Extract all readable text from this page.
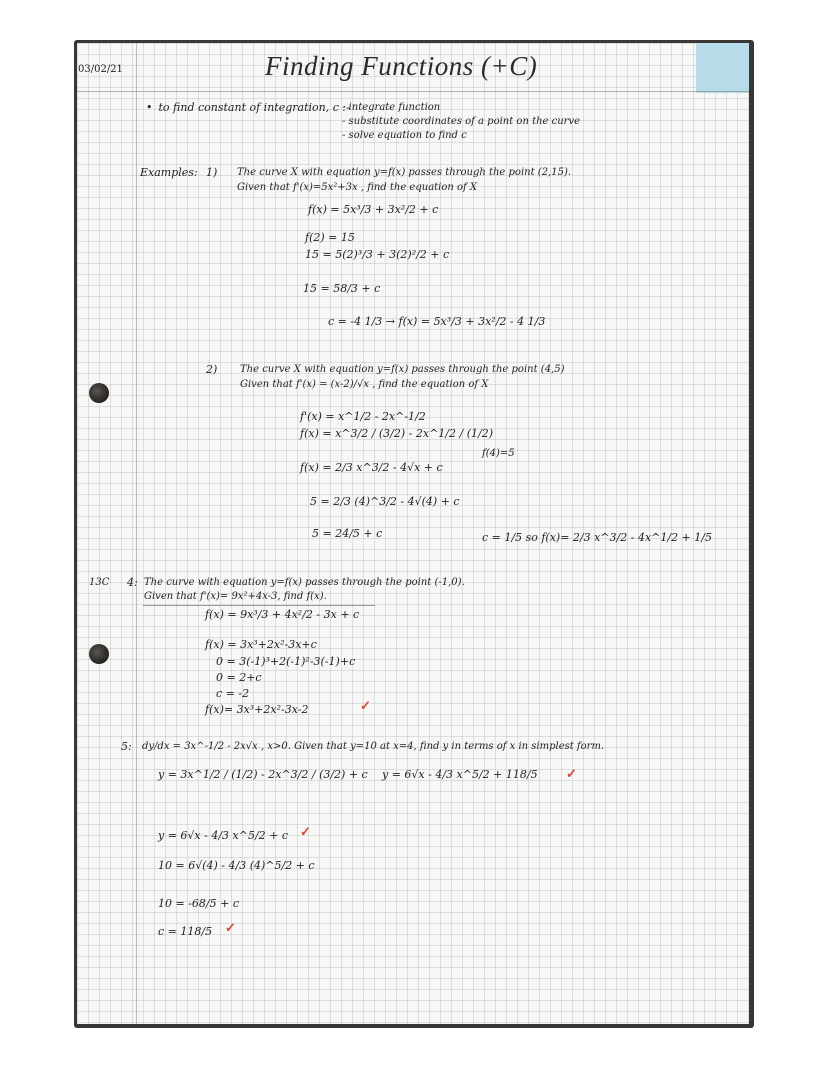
03/02/21	Finding Functions (+C)
• to find constant of integration, c :-
- integrate function
- substitute coordinates of a point on the curve
- solve equation to find c
Examples: 1) The curve X with equation y=f(x) passes through the point (2,15).
Given that f'(x)=5x²+3x , find the equation of X
f(x) = 5x³/3 + 3x²/2 + c
f(2) = 15
15 = 5(2)³/3 + 3(2)²/2 + c
15 = 58/3 + c
c = -4 1/3 → f(x) = 5x³/3 + 3x²/2 - 4 1/3
2) The curve X with equation y=f(x) passes through the point (4,5)
Given that f'(x) = (x-2)/√x , find the equation of X
f'(x) = x^1/2 - 2x^-1/2
f(x) = x^3/2 / (3/2) - 2x^1/2 / (1/2)
f(4)=5
f(x) = 2/3 x^3/2 - 4√x + c
5 = 2/3 (4)^3/2 - 4√(4) + c
5 = 24/5 + c	c = 1/5 so f(x)= 2/3 x^3/2 - 4x^1/2 + 1/5
13C 4: The curve with equation y=f(x) passes through the point (-1,0).
Given that f'(x)= 9x²+4x-3, find f(x).
f(x) = 9x³/3 + 4x²/2 - 3x + c
f(x) = 3x³+2x²-3x+c
0 = 3(-1)³+2(-1)²-3(-1)+c
0 = 2+c
c = -2
f(x)= 3x³+2x²-3x-2	✓
5: dy/dx = 3x^-1/2 - 2x√x , x>0. Given that y=10 at x=4, find y in terms of x in simplest form.
y = 3x^1/2 / (1/2) - 2x^3/2 / (3/2) + c y = 6√x - 4/3 x^5/2 + 118/5 ✓
y = 6√x - 4/3 x^5/2 + c ✓
10 = 6√(4) - 4/3 (4)^5/2 + c
10 = -68/5 + c
c = 118/5 ✓
